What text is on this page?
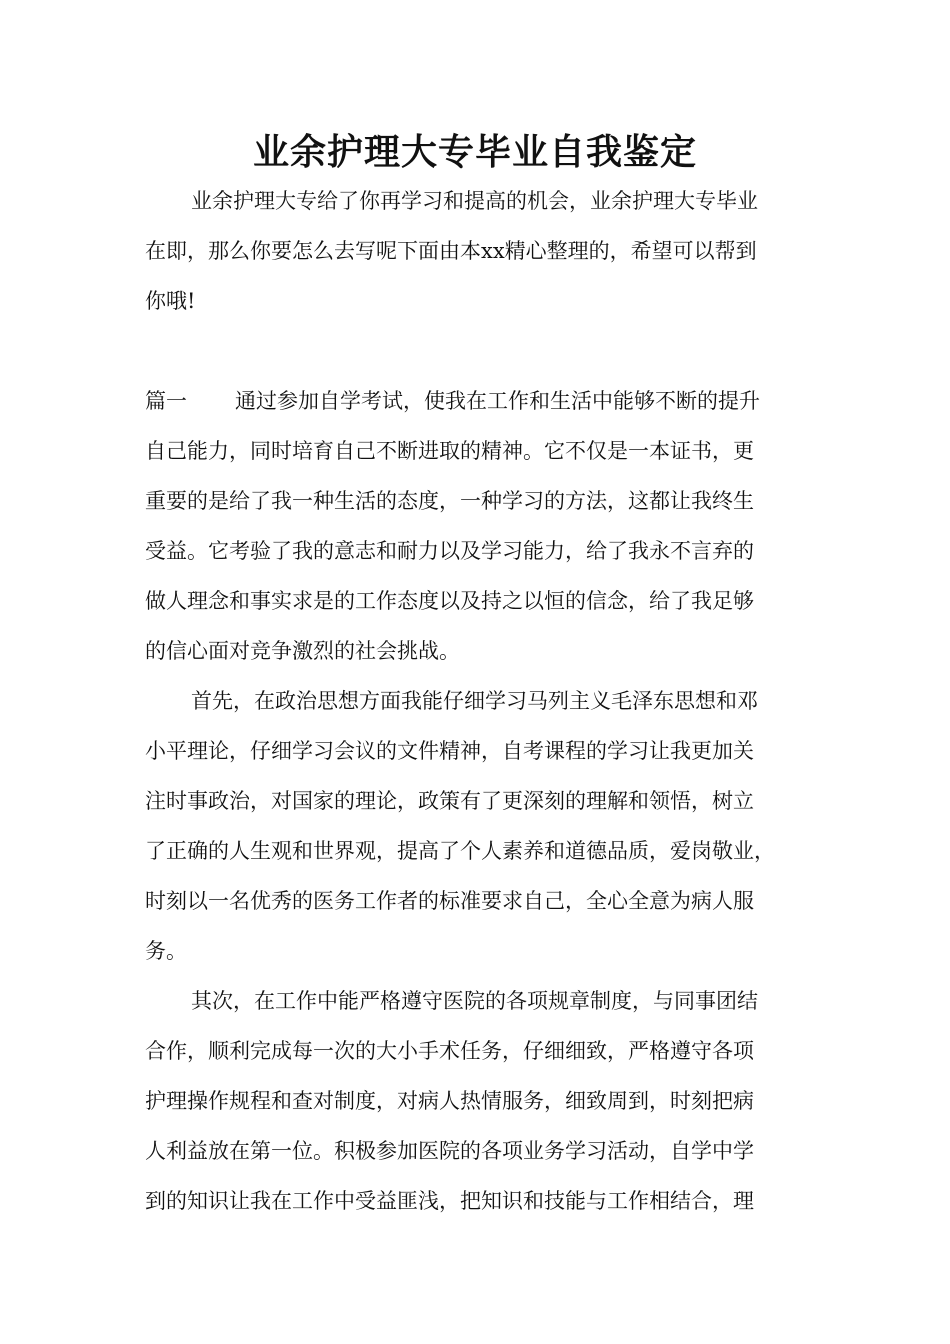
业余护理大专毕业自我鉴定
业余护理大专给了你再学习和提高的机会，业余护理大专毕业
在即，那么你要怎么去写呢下面由本xx精心整理的，希望可以帮到
你哦!
篇一 通过参加自学考试，使我在工作和生活中能够不断的提升
自己能力，同时培育自己不断进取的精神。它不仅是一本证书，更
重要的是给了我一种生活的态度，一种学习的方法，这都让我终生
受益。它考验了我的意志和耐力以及学习能力，给了我永不言弃的
做人理念和事实求是的工作态度以及持之以恒的信念，给了我足够
的信心面对竞争激烈的社会挑战。
首先，在政治思想方面我能仔细学习马列主义毛泽东思想和邓
小平理论，仔细学习会议的文件精神，自考课程的学习让我更加关
注时事政治，对国家的理论，政策有了更深刻的理解和领悟，树立
了正确的人生观和世界观，提高了个人素养和道德品质，爱岗敬业，
时刻以一名优秀的医务工作者的标准要求自己，全心全意为病人服
务。
其次，在工作中能严格遵守医院的各项规章制度，与同事团结
合作，顺利完成每一次的大小手术任务，仔细细致，严格遵守各项
护理操作规程和查对制度，对病人热情服务，细致周到，时刻把病
人利益放在第一位。积极参加医院的各项业务学习活动，自学中学
到的知识让我在工作中受益匪浅，把知识和技能与工作相结合，理
